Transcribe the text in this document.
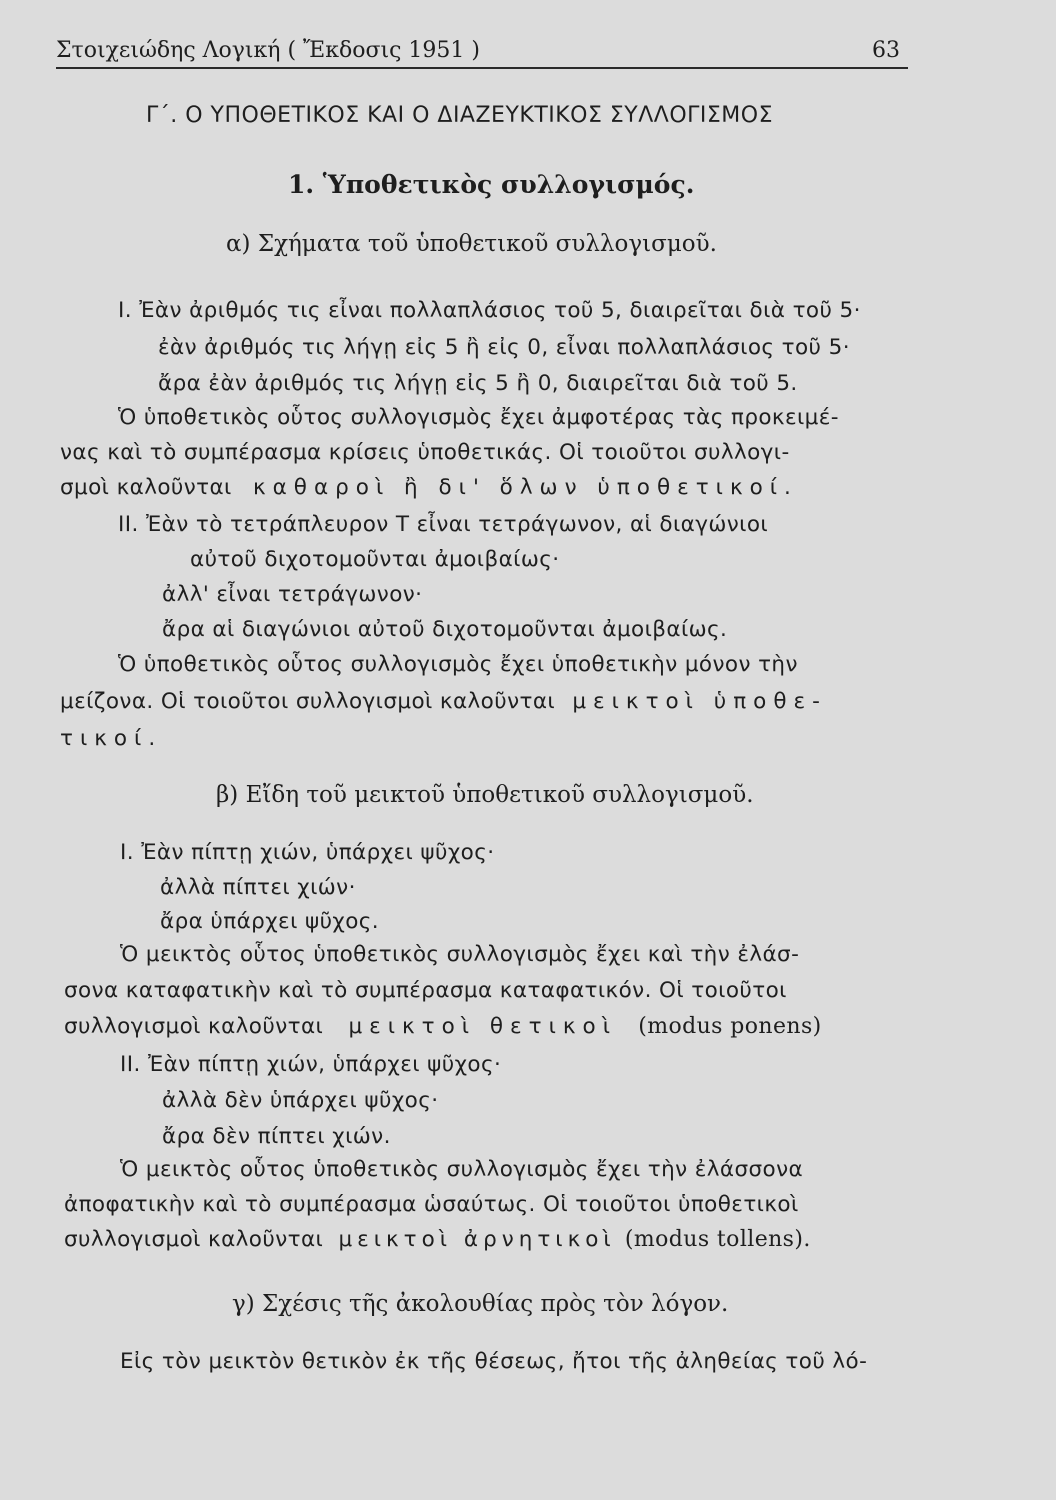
Στοιχειώδης Λογική ( Ἔκδοσις 1951 )	63
Γ΄. Ο ΥΠΟΘΕΤΙΚΟΣ ΚΑΙ Ο ΔΙΑΖΕΥΚΤΙΚΟΣ ΣΥΛΛΟΓΙΣΜΟΣ
1. Ὑποθετικὸς συλλογισμός.
α) Σχήματα τοῦ ὑποθετικοῦ συλλογισμοῦ.
Ι. Ἐὰν ἀριθμός τις εἶναι πολλαπλάσιος τοῦ 5, διαιρεῖται διὰ τοῦ 5·
ἐὰν ἀριθμός τις λήγῃ εἰς 5 ἢ εἰς 0, εἶναι πολλαπλάσιος τοῦ 5·
ἄρα ἐὰν ἀριθμός τις λήγῃ εἰς 5 ἢ 0, διαιρεῖται διὰ τοῦ 5.
Ὁ ὑποθετικὸς οὗτος συλλογισμὸς ἔχει ἀμφοτέρας τὰς προκειμέ-
νας καὶ τὸ συμπέρασμα κρίσεις ὑποθετικάς. Οἱ τοιοῦτοι συλλογι-
σμοὶ καλοῦνται καθαροὶ ἢ δι' ὅλων ὑποθετικοί.
ΙΙ. Ἐὰν τὸ τετράπλευρον Τ εἶναι τετράγωνον, αἱ διαγώνιοι
αὐτοῦ διχοτομοῦνται ἀμοιβαίως·
ἀλλ' εἶναι τετράγωνον·
ἄρα αἱ διαγώνιοι αὐτοῦ διχοτομοῦνται ἀμοιβαίως.
Ὁ ὑποθετικὸς οὗτος συλλογισμὸς ἔχει ὑποθετικὴν μόνον τὴν
μείζονα. Οἱ τοιοῦτοι συλλογισμοὶ καλοῦνται μεικτοὶ ὑποθε-
τικοί.
β) Εἴδη τοῦ μεικτοῦ ὑποθετικοῦ συλλογισμοῦ.
Ι. Ἐὰν πίπτῃ χιών, ὑπάρχει ψῦχος·
ἀλλὰ πίπτει χιών·
ἄρα ὑπάρχει ψῦχος.
Ὁ μεικτὸς οὗτος ὑποθετικὸς συλλογισμὸς ἔχει καὶ τὴν ἐλάσ-
σονα καταφατικὴν καὶ τὸ συμπέρασμα καταφατικόν. Οἱ τοιοῦτοι
συλλογισμοὶ καλοῦνται μεικτοὶ θετικοὶ (modus ponens)
ΙΙ. Ἐὰν πίπτῃ χιών, ὑπάρχει ψῦχος·
ἀλλὰ δὲν ὑπάρχει ψῦχος·
ἄρα δὲν πίπτει χιών.
Ὁ μεικτὸς οὗτος ὑποθετικὸς συλλογισμὸς ἔχει τὴν ἐλάσσονα
ἀποφατικὴν καὶ τὸ συμπέρασμα ὡσαύτως. Οἱ τοιοῦτοι ὑποθετικοὶ
συλλογισμοὶ καλοῦνται μεικτοὶ ἀρνητικοὶ (modus tollens).
γ) Σχέσις τῆς ἀκολουθίας πρὸς τὸν λόγον.
Εἰς τὸν μεικτὸν θετικὸν ἐκ τῆς θέσεως, ἤτοι τῆς ἀληθείας τοῦ λό-
